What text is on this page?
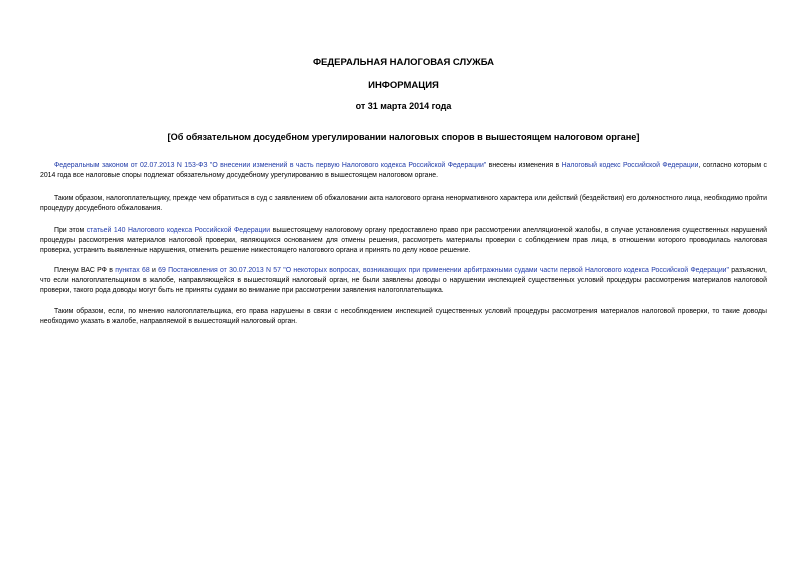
ФЕДЕРАЛЬНАЯ НАЛОГОВАЯ СЛУЖБА
ИНФОРМАЦИЯ
от 31 марта 2014 года
[Об обязательном досудебном урегулировании налоговых споров в вышестоящем налоговом органе]

Федеральным законом от 02.07.2013 N 153-ФЗ "О внесении изменений в часть первую Налогового кодекса Российской Федерации" внесены изменения в Налоговый кодекс Российской Федерации, согласно которым с 2014 года все налоговые споры подлежат обязательному досудебному урегулированию в вышестоящем налоговом органе.

Таким образом, налогоплательщику, прежде чем обратиться в суд с заявлением об обжаловании акта налогового органа ненормативного характера или действий (бездействия) его должностного лица, необходимо пройти процедуру досудебного обжалования.

При этом статьей 140 Налогового кодекса Российской Федерации вышестоящему налоговому органу предоставлено право при рассмотрении апелляционной жалобы, в случае установления существенных нарушений процедуры рассмотрения материалов налоговой проверки, являющихся основанием для отмены решения, рассмотреть материалы проверки с соблюдением прав лица, в отношении которого проводилась налоговая проверка, устранить выявленные нарушения, отменить решение нижестоящего налогового органа и принять по делу новое решение.

Пленум ВАС РФ в пунктах 68 и 69 Постановления от 30.07.2013 N 57 "О некоторых вопросах, возникающих при применении арбитражными судами части первой Налогового кодекса Российской Федерации" разъяснил, что если налогоплательщиком в жалобе, направляющейся в вышестоящий налоговый орган, не были заявлены доводы о нарушении инспекцией существенных условий процедуры рассмотрения материалов налоговой проверки, такого рода доводы могут быть не приняты судами во внимание при рассмотрении заявления налогоплательщика.

Таким образом, если, по мнению налогоплательщика, его права нарушены в связи с несоблюдением инспекцией существенных условий процедуры рассмотрения материалов налоговой проверки, то такие доводы необходимо указать в жалобе, направляемой в вышестоящий налоговый орган.
